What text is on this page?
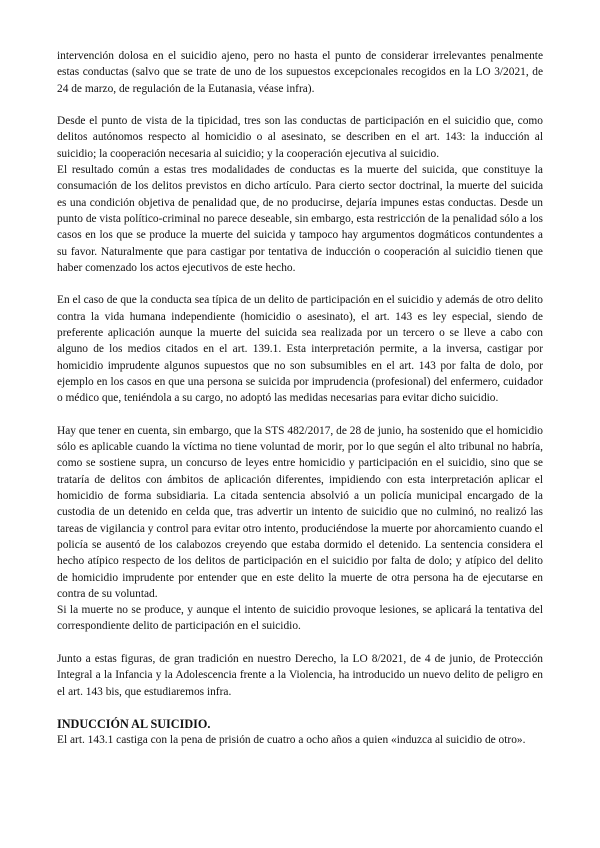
intervención dolosa en el suicidio ajeno, pero no hasta el punto de considerar irrelevantes penalmente estas conductas (salvo que se trate de uno de los supuestos excepcionales recogidos en la LO 3/2021, de 24 de marzo, de regulación de la Eutanasia, véase infra).

Desde el punto de vista de la tipicidad, tres son las conductas de participación en el suicidio que, como delitos autónomos respecto al homicidio o al asesinato, se describen en el art. 143: la inducción al suicidio; la cooperación necesaria al suicidio; y la cooperación ejecutiva al suicidio.

El resultado común a estas tres modalidades de conductas es la muerte del suicida, que constituye la consumación de los delitos previstos en dicho artículo. Para cierto sector doctrinal, la muerte del suicida es una condición objetiva de penalidad que, de no producirse, dejaría impunes estas conductas. Desde un punto de vista político-criminal no parece deseable, sin embargo, esta restricción de la penalidad sólo a los casos en los que se produce la muerte del suicida y tampoco hay argumentos dogmáticos contundentes a su favor. Naturalmente que para castigar por tentativa de inducción o cooperación al suicidio tienen que haber comenzado los actos ejecutivos de este hecho.

En el caso de que la conducta sea típica de un delito de participación en el suicidio y además de otro delito contra la vida humana independiente (homicidio o asesinato), el art. 143 es ley especial, siendo de preferente aplicación aunque la muerte del suicida sea realizada por un tercero o se lleve a cabo con alguno de los medios citados en el art. 139.1. Esta interpretación permite, a la inversa, castigar por homicidio imprudente algunos supuestos que no son subsumibles en el art. 143 por falta de dolo, por ejemplo en los casos en que una persona se suicida por imprudencia (profesional) del enfermero, cuidador o médico que, teniéndola a su cargo, no adoptó las medidas necesarias para evitar dicho suicidio.

Hay que tener en cuenta, sin embargo, que la STS 482/2017, de 28 de junio, ha sostenido que el homicidio sólo es aplicable cuando la víctima no tiene voluntad de morir, por lo que según el alto tribunal no habría, como se sostiene supra, un concurso de leyes entre homicidio y participación en el suicidio, sino que se trataría de delitos con ámbitos de aplicación diferentes, impidiendo con esta interpretación aplicar el homicidio de forma subsidiaria. La citada sentencia absolvió a un policía municipal encargado de la custodia de un detenido en celda que, tras advertir un intento de suicidio que no culminó, no realizó las tareas de vigilancia y control para evitar otro intento, produciéndose la muerte por ahorcamiento cuando el policía se ausentó de los calabozos creyendo que estaba dormido el detenido. La sentencia considera el hecho atípico respecto de los delitos de participación en el suicidio por falta de dolo; y atípico del delito de homicidio imprudente por entender que en este delito la muerte de otra persona ha de ejecutarse en contra de su voluntad.

Si la muerte no se produce, y aunque el intento de suicidio provoque lesiones, se aplicará la tentativa del correspondiente delito de participación en el suicidio.

Junto a estas figuras, de gran tradición en nuestro Derecho, la LO 8/2021, de 4 de junio, de Protección Integral a la Infancia y la Adolescencia frente a la Violencia, ha introducido un nuevo delito de peligro en el art. 143 bis, que estudiaremos infra.

INDUCCIÓN AL SUICIDIO.

El art. 143.1 castiga con la pena de prisión de cuatro a ocho años a quien «induzca al suicidio de otro».
